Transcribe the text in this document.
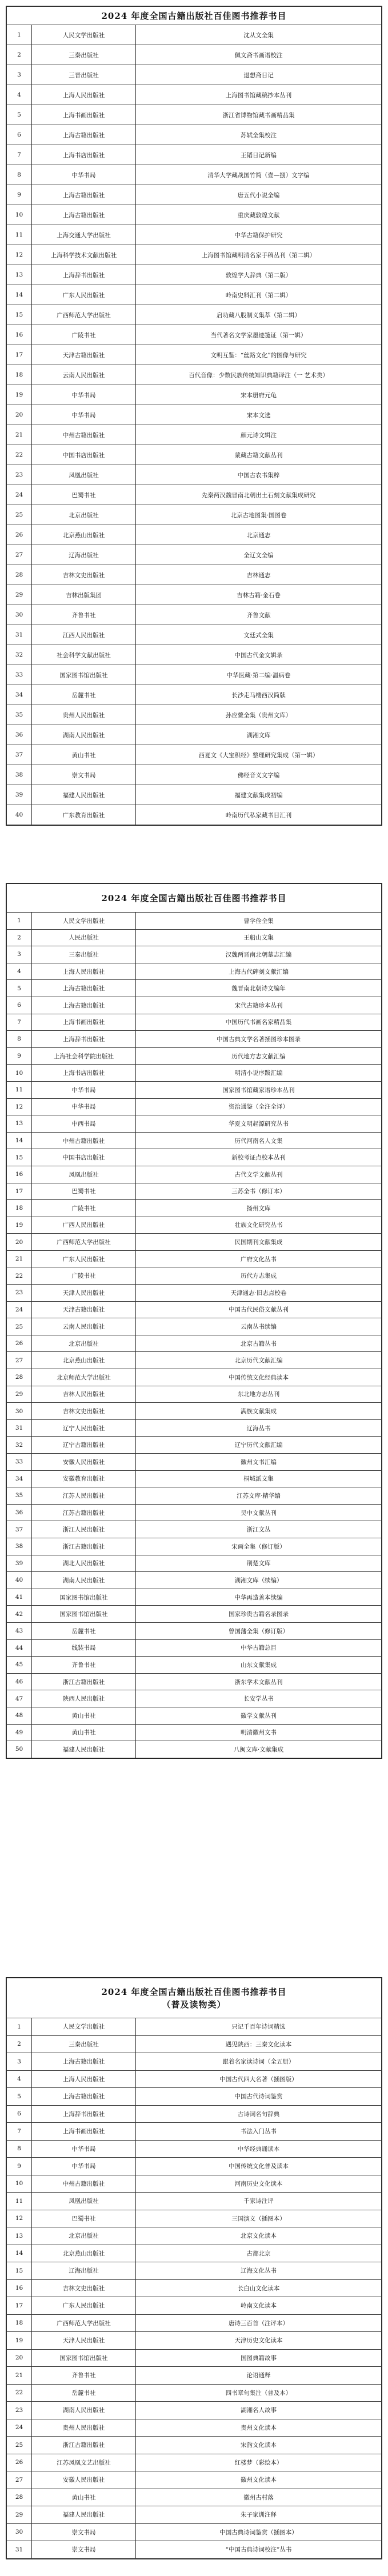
2024 年度全国古籍出版社百佳图书推荐书目		
1	人民文学出版社	沈从文全集
2	三秦出版社	佩文斋书画谱校注
3	三晋出版社	退想斋日记
4	上海人民出版社	上海图书馆藏稿抄本丛刊
5	上海书画出版社	浙江省博物馆藏书画精品集
6	上海古籍出版社	苏轼全集校注
7	上海书店出版社	王韬日记新编
8	中华书局	清华大学藏战国竹简（壹—捌）文字编
9	上海古籍出版社	唐五代小说全编
10	上海古籍出版社	重庆藏敦煌文献
11	上海交通大学出版社	中华古籍保护研究
12	上海科学技术文献出版社	上海图书馆藏明清名家手稿丛刊（第二辑）
13	上海辞书出版社	敦煌学大辞典（第二版）
14	广东人民出版社	岭南史料汇刊（第二辑）
15	广西师范大学出版社	启功藏八股制义集萃（第二辑）
16	广陵书社	当代著名文学家墨迹笺证（第一辑）
17	天津古籍出版社	文明互鉴：“丝路文化”的图像与研究
18	云南人民出版社	百代音像：少数民族传统知识典籍译注（一 艺术类）
19	中华书局	宋本册府元龟
20	中华书局	宋本文选
21	中州古籍出版社	颜元诗文辑注
22	中国书店出版社	蒙藏古籍文献丛刊
23	凤凰出版社	中国古农书集粹
24	巴蜀书社	先秦两汉魏晋南北朝出土石刻文献集成研究
25	北京出版社	北京古地图集·国图卷
26	北京燕山出版社	北京通志
27	辽海出版社	全辽文全编
28	吉林文史出版社	吉林通志
29	吉林出版集团	吉林古籍·金石卷
30	齐鲁书社	齐鲁文献
31	江西人民出版社	文廷式全集
32	社会科学文献出版社	中国古代金文辑录
33	国家图书馆出版社	中华医藏·第二编·温病卷
34	岳麓书社	长沙走马楼西汉简牍
35	贵州人民出版社	孙应鳌全集（贵州文库）
36	湖南人民出版社	湖湘文库
37	黄山书社	西夏文《大宝积经》整理研究集成（第一辑）
38	崇文书局	佛经音义文字编
39	福建人民出版社	福建文献集成初编
40	广东教育出版社	岭南历代私家藏书目汇刊
2024 年度全国古籍出版社百佳图书推荐书目		
1	人民文学出版社	曹学佺全集
2	人民出版社	王船山文集
3	三秦出版社	汉魏两晋南北朝墓志汇编
4	上海人民出版社	上海古代碑刻文献汇编
5	上海古籍出版社	魏晋南北朝诗文编年
6	上海古籍出版社	宋代古籍珍本丛刊
7	上海书画出版社	中国历代书画名家精品集
8	上海辞书出版社	中国古典文学名著插图珍本图录
9	上海社会科学院出版社	历代地方志文献汇编
10	上海书店出版社	明清小说序跋汇编
11	中华书局	国家图书馆藏家谱珍本丛刊
12	中华书局	资治通鉴（全注全译）
13	中西书局	华夏文明起源研究丛书
14	中州古籍出版社	历代河南名人文集
15	中国书店出版社	新校考证点校本丛刊
16	凤凰出版社	古代文学文献丛刊
17	巴蜀书社	三苏全书（修订本）
18	广陵书社	扬州文库
19	广西人民出版社	壮族文化研究丛书
20	广西师范大学出版社	民国期刊文献集成
21	广东人民出版社	广府文化丛书
22	广陵书社	历代方志集成
23	天津人民出版社	天津通志·旧志点校卷
24	天津古籍出版社	中国古代民俗文献丛刊
25	云南人民出版社	云南丛书续编
26	北京出版社	北京古籍丛书
27	北京燕山出版社	北京历代文献汇编
28	北京师范大学出版社	中国传统文化经典读本
29	吉林人民出版社	东北地方志丛刊
30	吉林文史出版社	满族文献集成
31	辽宁人民出版社	辽海丛书
32	辽宁古籍出版社	辽宁历代文献汇编
33	安徽人民出版社	徽州文书汇编
34	安徽教育出版社	桐城派文集
35	江苏人民出版社	江苏文库·精华编
36	江苏古籍出版社	吴中文献丛刊
37	浙江人民出版社	浙江文丛
38	浙江古籍出版社	宋画全集（修订版）
39	湖北人民出版社	荆楚文库
40	湖南人民出版社	湖湘文库（续编）
41	国家图书馆出版社	中华再造善本续编
42	国家图书馆出版社	国家珍贵古籍名录图录
43	岳麓书社	曾国藩全集（修订版）
44	线装书局	中华古籍总目
45	齐鲁书社	山东文献集成
46	浙江古籍出版社	浙东学术文献丛刊
47	陕西人民出版社	长安学丛书
48	黄山书社	徽学文献丛刊
49	黄山书社	明清徽州文书
50	福建人民出版社	八闽文库·文献集成
2024 年度全国古籍出版社百佳图书推荐书目
（普及读物类）		

1	人民文学出版社	只记千百年诗词精选
2	三秦出版社	遇见陕西：三秦文化读本
3	上海古籍出版社	跟着名家读诗词（全五册）
4	上海人民出版社	中国古代四大名著（插图版）
5	上海古籍出版社	中国古代诗词鉴赏
6	上海辞书出版社	古诗词名句辞典
7	上海书画出版社	书法入门丛书
8	中华书局	中华经典诵读本
9	中华书局	中国传统文化普及读本
10	中州古籍出版社	河南历史文化读本
11	凤凰出版社	千家诗注评
12	巴蜀书社	三国演义（插图本）
13	北京出版社	北京文化读本
14	北京燕山出版社	古都北京
15	辽海出版社	辽海文化丛书
16	吉林文史出版社	长白山文化读本
17	广东人民出版社	岭南文化读本
18	广西师范大学出版社	唐诗三百首（注评本）
19	天津人民出版社	天津历史文化读本
20	国家图书馆出版社	国图典籍故事
21	齐鲁书社	论语通释
22	岳麓书社	四书章句集注（普及本）
23	湖南人民出版社	湖湘名人故事
24	贵州人民出版社	贵州文化读本
25	浙江古籍出版社	宋韵文化读本
26	江苏凤凰文艺出版社	红楼梦（彩绘本）
27	安徽人民出版社	徽州文化读本
28	黄山书社	徽州古村落
29	福建人民出版社	朱子家训注释
30	崇文书局	中国古典诗词鉴赏（插图本）
31	崇文书局	“中国古典诗词校注”丛书
